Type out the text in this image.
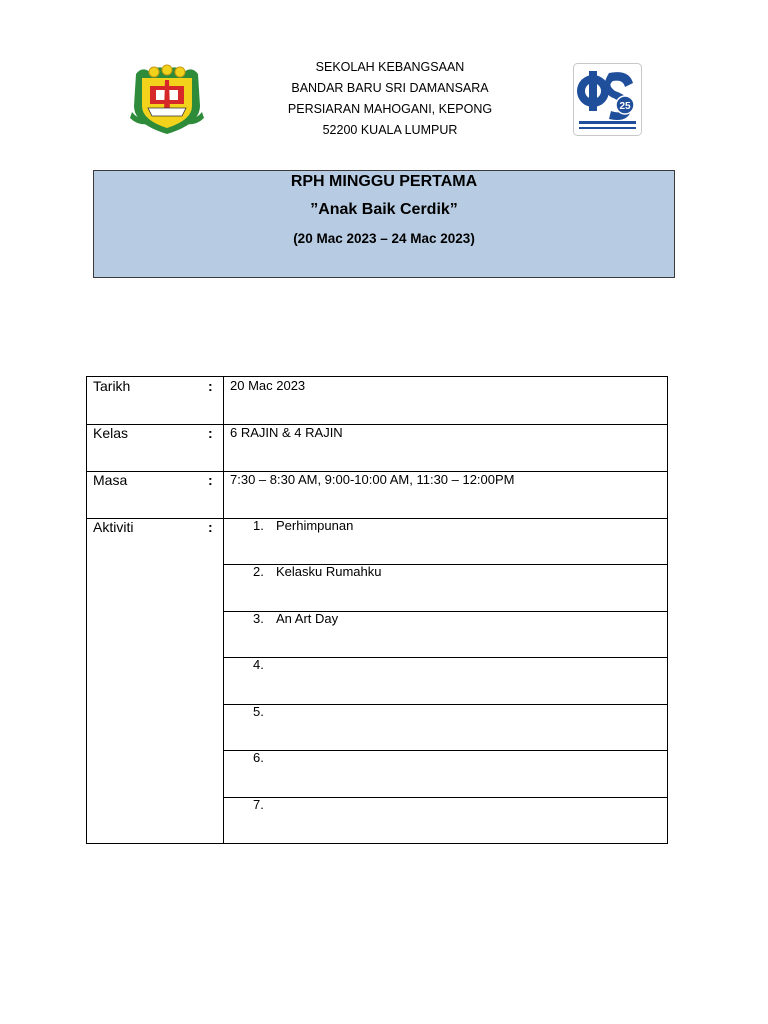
SEKOLAH KEBANGSAAN
BANDAR BARU SRI DAMANSARA
PERSIARAN MAHOGANI, KEPONG
52200 KUALA LUMPUR
25
RPH MINGGU PERTAMA
”Anak Baik Cerdik”
(20 Mac 2023 – 24 Mac 2023)
Tarikh	: 20 Mac 2023
Kelas	: 6 RAJIN & 4 RAJIN
Masa	: 7:30 – 8:30 AM, 9:00-10:00 AM, 11:30 – 12:00PM
Aktiviti	:	1. Perhimpunan
2. Kelasku Rumahku
3. An Art Day
4.
5.
6.
7.
